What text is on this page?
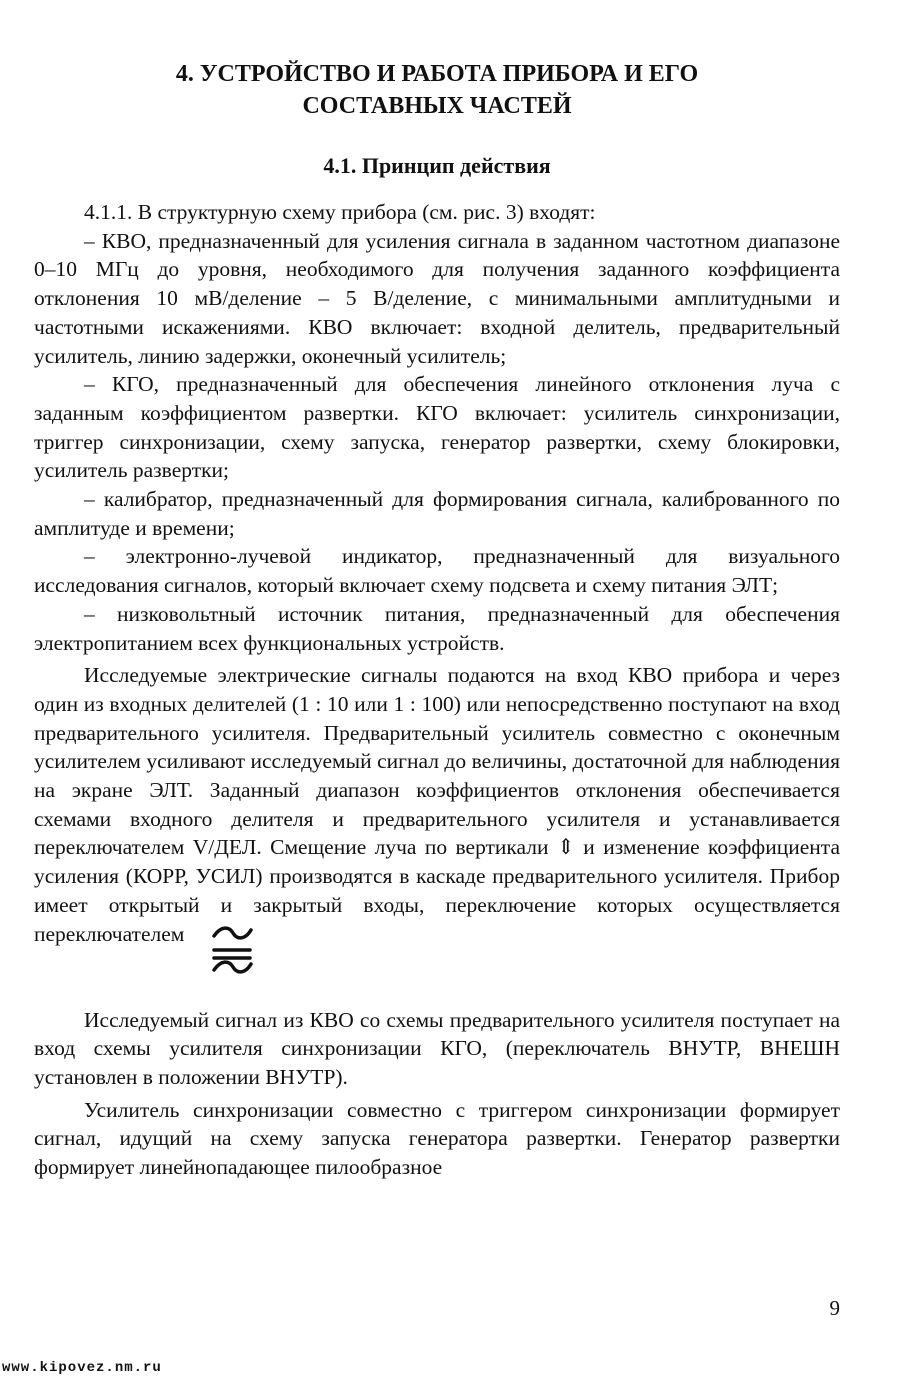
4. УСТРОЙСТВО И РАБОТА ПРИБОРА И ЕГО
СОСТАВНЫХ ЧАСТЕЙ
4.1. Принцип действия

4.1.1. В структурную схему прибора (см. рис. 3) входят:

– КВО, предназначенный для усиления сигнала в заданном частотном диапазоне 0–10 МГц до уровня, необходимого для получения заданного коэффициента отклонения 10 мВ/деление – 5 В/деление, с минимальными амплитудными и частотными искажениями. КВО включает: входной делитель, предварительный усилитель, линию задержки, оконечный усилитель;

– КГО, предназначенный для обеспечения линейного отклонения луча с заданным коэффициентом развертки. КГО включает: усилитель синхронизации, триггер синхронизации, схему запуска, генератор развертки, схему блокировки, усилитель развертки;

– калибратор, предназначенный для формирования сигнала, калиброванного по амплитуде и времени;

– электронно-лучевой индикатор, предназначенный для визуального исследования сигналов, который включает схему подсвета и схему питания ЭЛТ;

– низковольтный источник питания, предназначенный для обеспечения электропитанием всех функциональных устройств.

Исследуемые электрические сигналы подаются на вход КВО прибора и через один из входных делителей (1 : 10 или 1 : 100) или непосредственно поступают на вход предварительного усилителя. Предварительный усилитель совместно с оконечным усилителем усиливают исследуемый сигнал до величины, достаточной для наблюдения на экране ЭЛТ. Заданный диапазон коэффициентов отклонения обеспечивается схемами входного делителя и предварительного усилителя и устанавливается переключателем V/ДЕЛ. Смещение луча по вертикали ⇕ и изменение коэффициента усиления (КОРР, УСИЛ) производятся в каскаде предварительного усилителя. Прибор имеет открытый и закрытый входы, переключение которых осуществляется переключателем

Исследуемый сигнал из КВО со схемы предварительного усилителя поступает на вход схемы усилителя синхронизации КГО, (переключатель ВНУТР, ВНЕШН установлен в положении ВНУТР).

Усилитель синхронизации совместно с триггером синхронизации формирует сигнал, идущий на схему запуска генератора развертки. Генератор развертки формирует линейнопадающее пилообразное

9
www.kipovez.nm.ru
